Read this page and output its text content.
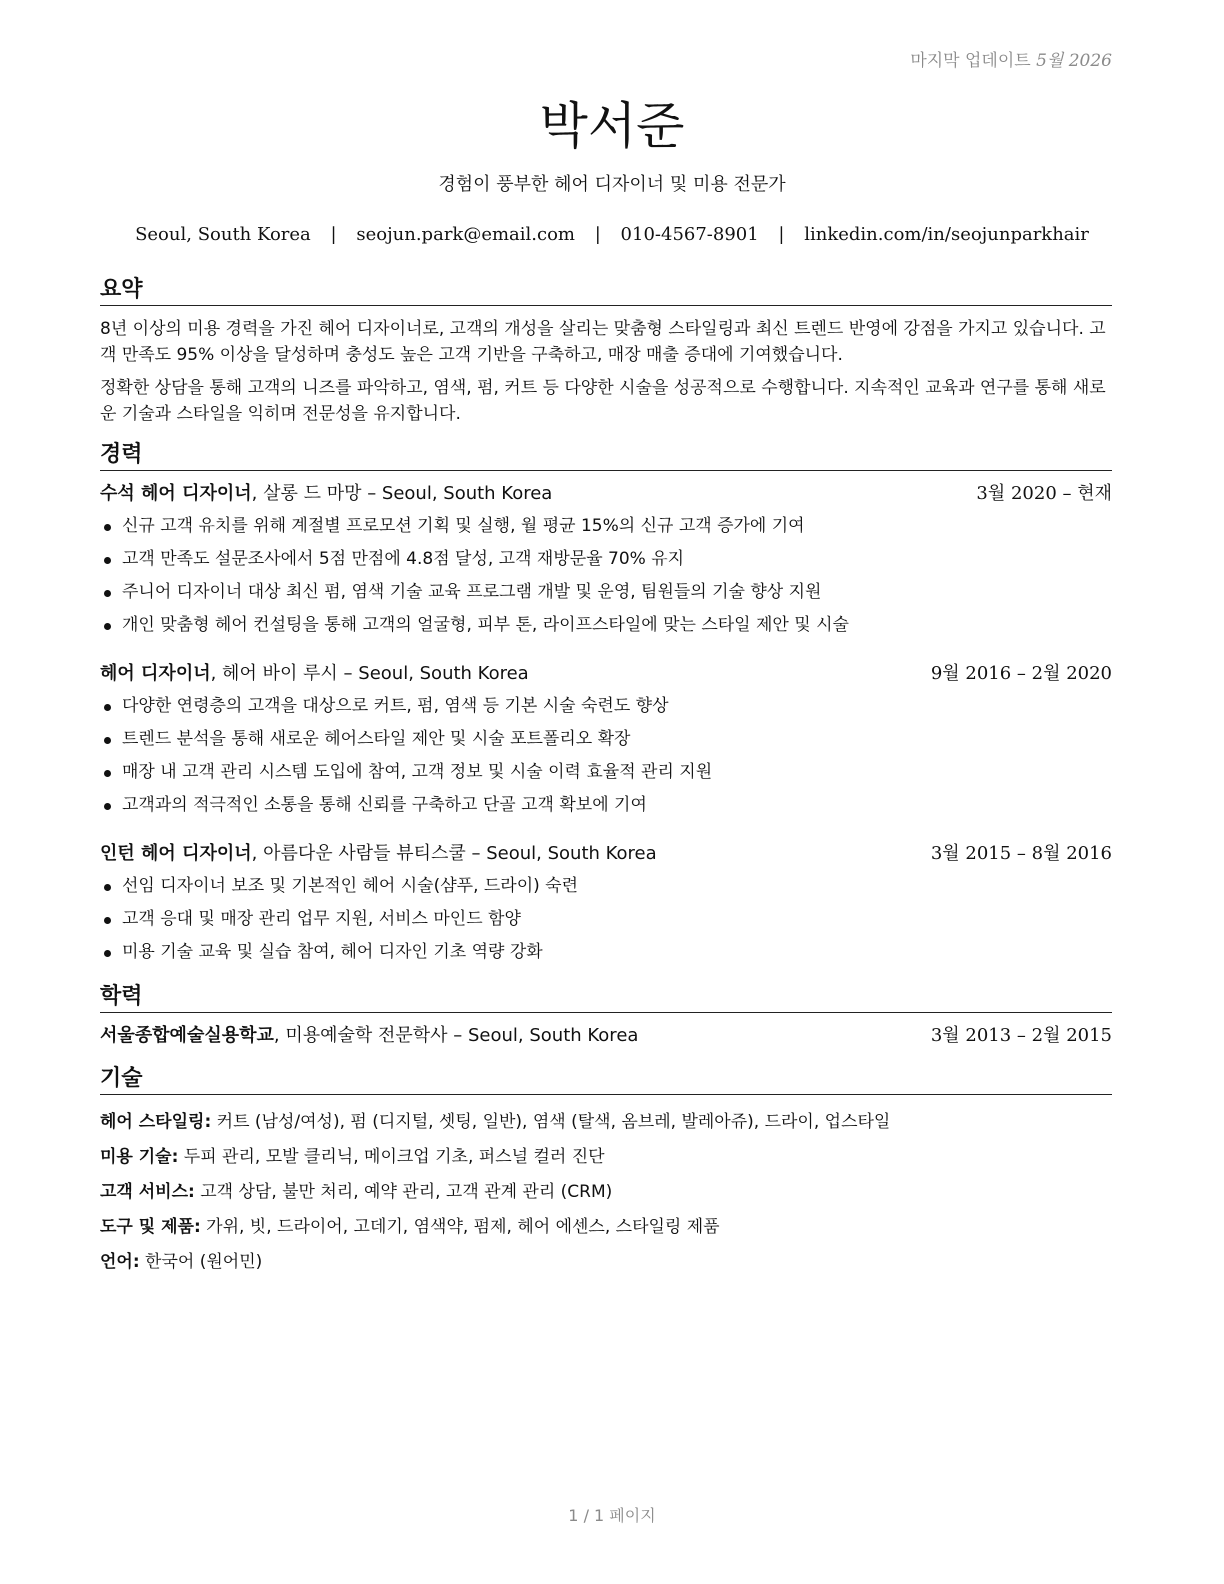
마지막 업데이트 5월 2026
박서준
경험이 풍부한 헤어 디자이너 및 미용 전문가
Seoul, South Korea | seojun.park@email.com | 010-4567-8901 | linkedin.com/in/seojunparkhair
요약

8년 이상의 미용 경력을 가진 헤어 디자이너로, 고객의 개성을 살리는 맞춤형 스타일링과 최신 트렌드 반영에 강점을 가지고 있습니다. 고객 만족도 95% 이상을 달성하며 충성도 높은 고객 기반을 구축하고, 매장 매출 증대에 기여했습니다.

정확한 상담을 통해 고객의 니즈를 파악하고, 염색, 펌, 커트 등 다양한 시술을 성공적으로 수행합니다. 지속적인 교육과 연구를 통해 새로운 기술과 스타일을 익히며 전문성을 유지합니다.

경력
수석 헤어 디자이너, 살롱 드 마망 – Seoul, South Korea	3월 2020 – 현재
신규 고객 유치를 위해 계절별 프로모션 기획 및 실행, 월 평균 15%의 신규 고객 증가에 기여
고객 만족도 설문조사에서 5점 만점에 4.8점 달성, 고객 재방문율 70% 유지
주니어 디자이너 대상 최신 펌, 염색 기술 교육 프로그램 개발 및 운영, 팀원들의 기술 향상 지원
개인 맞춤형 헤어 컨설팅을 통해 고객의 얼굴형, 피부 톤, 라이프스타일에 맞는 스타일 제안 및 시술
헤어 디자이너, 헤어 바이 루시 – Seoul, South Korea	9월 2016 – 2월 2020
다양한 연령층의 고객을 대상으로 커트, 펌, 염색 등 기본 시술 숙련도 향상
트렌드 분석을 통해 새로운 헤어스타일 제안 및 시술 포트폴리오 확장
매장 내 고객 관리 시스템 도입에 참여, 고객 정보 및 시술 이력 효율적 관리 지원
고객과의 적극적인 소통을 통해 신뢰를 구축하고 단골 고객 확보에 기여
인턴 헤어 디자이너, 아름다운 사람들 뷰티스쿨 – Seoul, South Korea	3월 2015 – 8월 2016
선임 디자이너 보조 및 기본적인 헤어 시술(샴푸, 드라이) 숙련
고객 응대 및 매장 관리 업무 지원, 서비스 마인드 함양
미용 기술 교육 및 실습 참여, 헤어 디자인 기초 역량 강화
학력
서울종합예술실용학교, 미용예술학 전문학사 – Seoul, South Korea	3월 2013 – 2월 2015
기술
헤어 스타일링: 커트 (남성/여성), 펌 (디지털, 셋팅, 일반), 염색 (탈색, 옴브레, 발레아쥬), 드라이, 업스타일
미용 기술: 두피 관리, 모발 클리닉, 메이크업 기초, 퍼스널 컬러 진단
고객 서비스: 고객 상담, 불만 처리, 예약 관리, 고객 관계 관리 (CRM)
도구 및 제품: 가위, 빗, 드라이어, 고데기, 염색약, 펌제, 헤어 에센스, 스타일링 제품
언어: 한국어 (원어민)
1 / 1 페이지
